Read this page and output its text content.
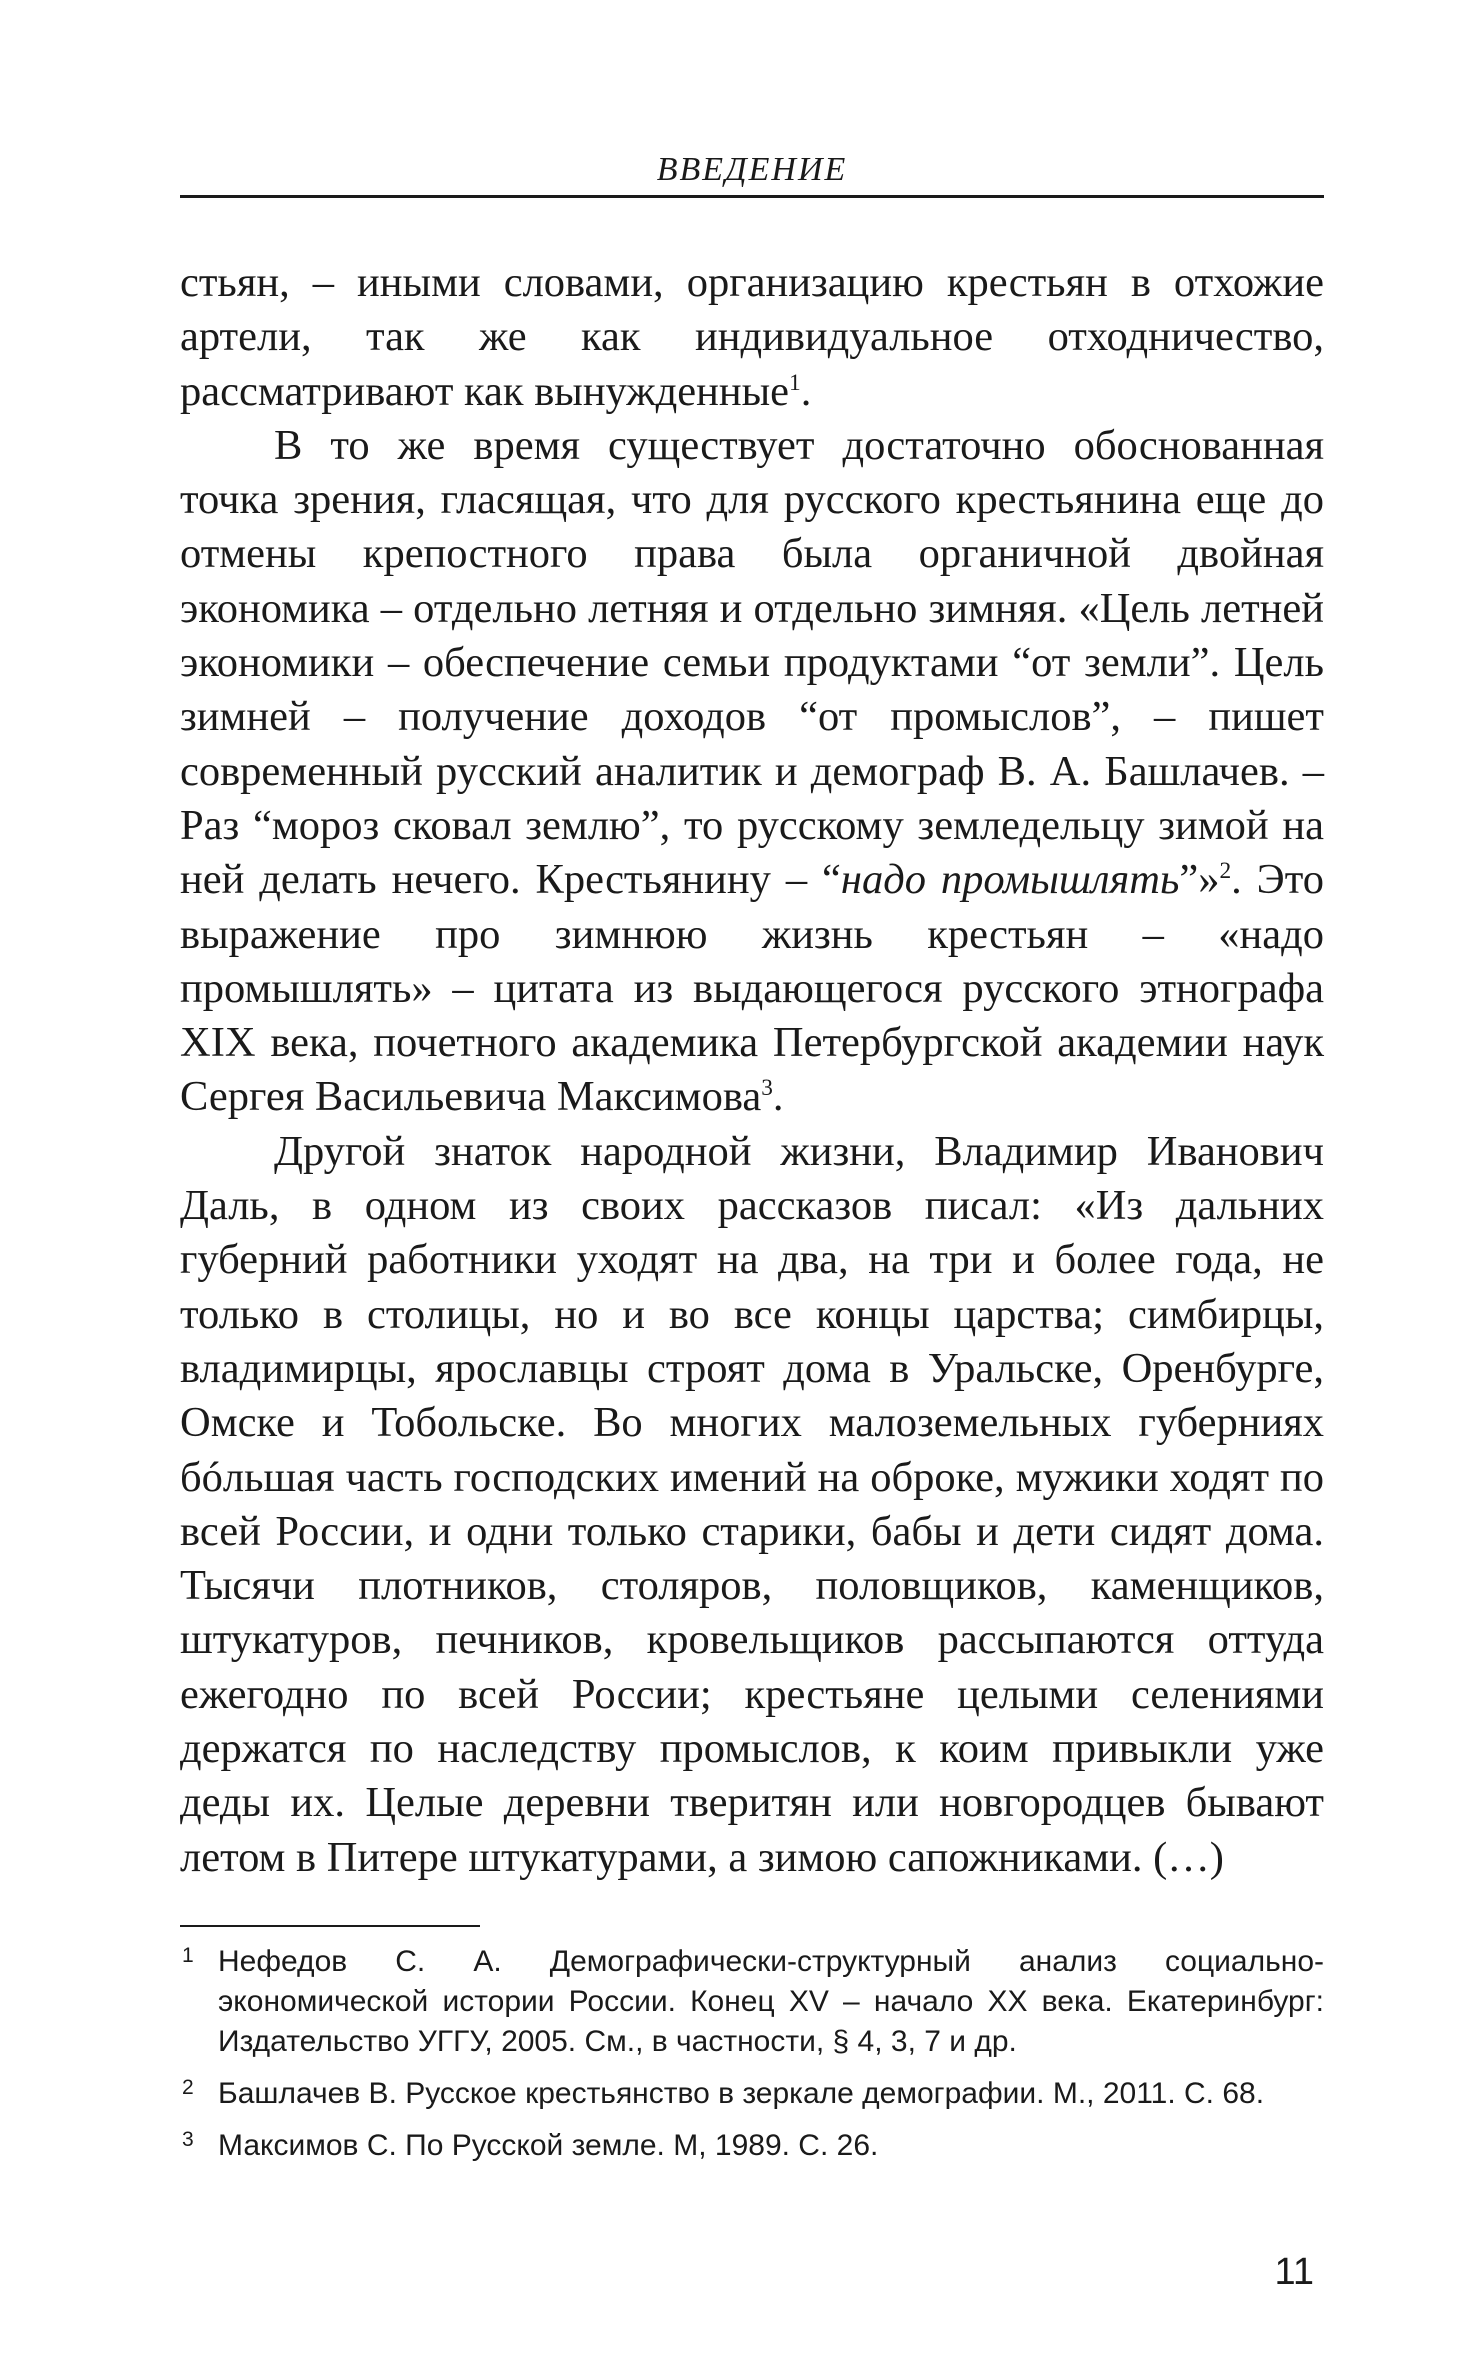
ВВЕДЕНИЕ

стьян, – иными словами, организацию крестьян в отхожие артели, так же как индивидуальное отходничество, рассматривают как вынужденные$^1$.

В то же время существует достаточно обоснованная точка зрения, гласящая, что для русского крестьянина еще до отмены крепостного права была органичной двойная экономика – отдельно летняя и отдельно зимняя. «Цель летней экономики – обеспечение семьи продуктами “от земли”. Цель зимней – получение доходов “от промыслов”, – пишет современный русский аналитик и демограф В. А. Башлачев. – Раз “мороз сковал землю”, то русскому земледельцу зимой на ней делать нечего. Крестьянину – “надо промышлять”»$^2$. Это выражение про зимнюю жизнь крестьян – «надо промышлять» – цитата из выдающегося русского этнографа XIX века, почетного академика Петербургской академии наук Сергея Васильевича Максимова$^3$.

Другой знаток народной жизни, Владимир Иванович Даль, в одном из своих рассказов писал: «Из дальних губерний работники уходят на два, на три и более года, не только в столицы, но и во все концы царства; симбирцы, владимирцы, ярославцы строят дома в Уральске, Оренбурге, Омске и Тобольске. Во многих малоземельных губерниях бóльшая часть господских имений на оброке, мужики ходят по всей России, и одни только старики, бабы и дети сидят дома. Тысячи плотников, столяров, половщиков, каменщиков, штукатуров, печников, кровельщиков рассыпаются оттуда ежегодно по всей России; крестьяне целыми селениями держатся по наследству промыслов, к коим привыкли уже деды их. Целые деревни тверитян или новгородцев бывают летом в Питере штукатурами, а зимою сапожниками. (…)

1 Нефедов С. А. Демографически-структурный анализ социально-экономической истории России. Конец XV – начало XX века. Екатеринбург: Издательство УГГУ, 2005. См., в частности, § 4, 3, 7 и др.
2 Башлачев В. Русское крестьянство в зеркале демографии. М., 2011. С. 68.
3 Максимов С. По Русской земле. М, 1989. С. 26.
11
